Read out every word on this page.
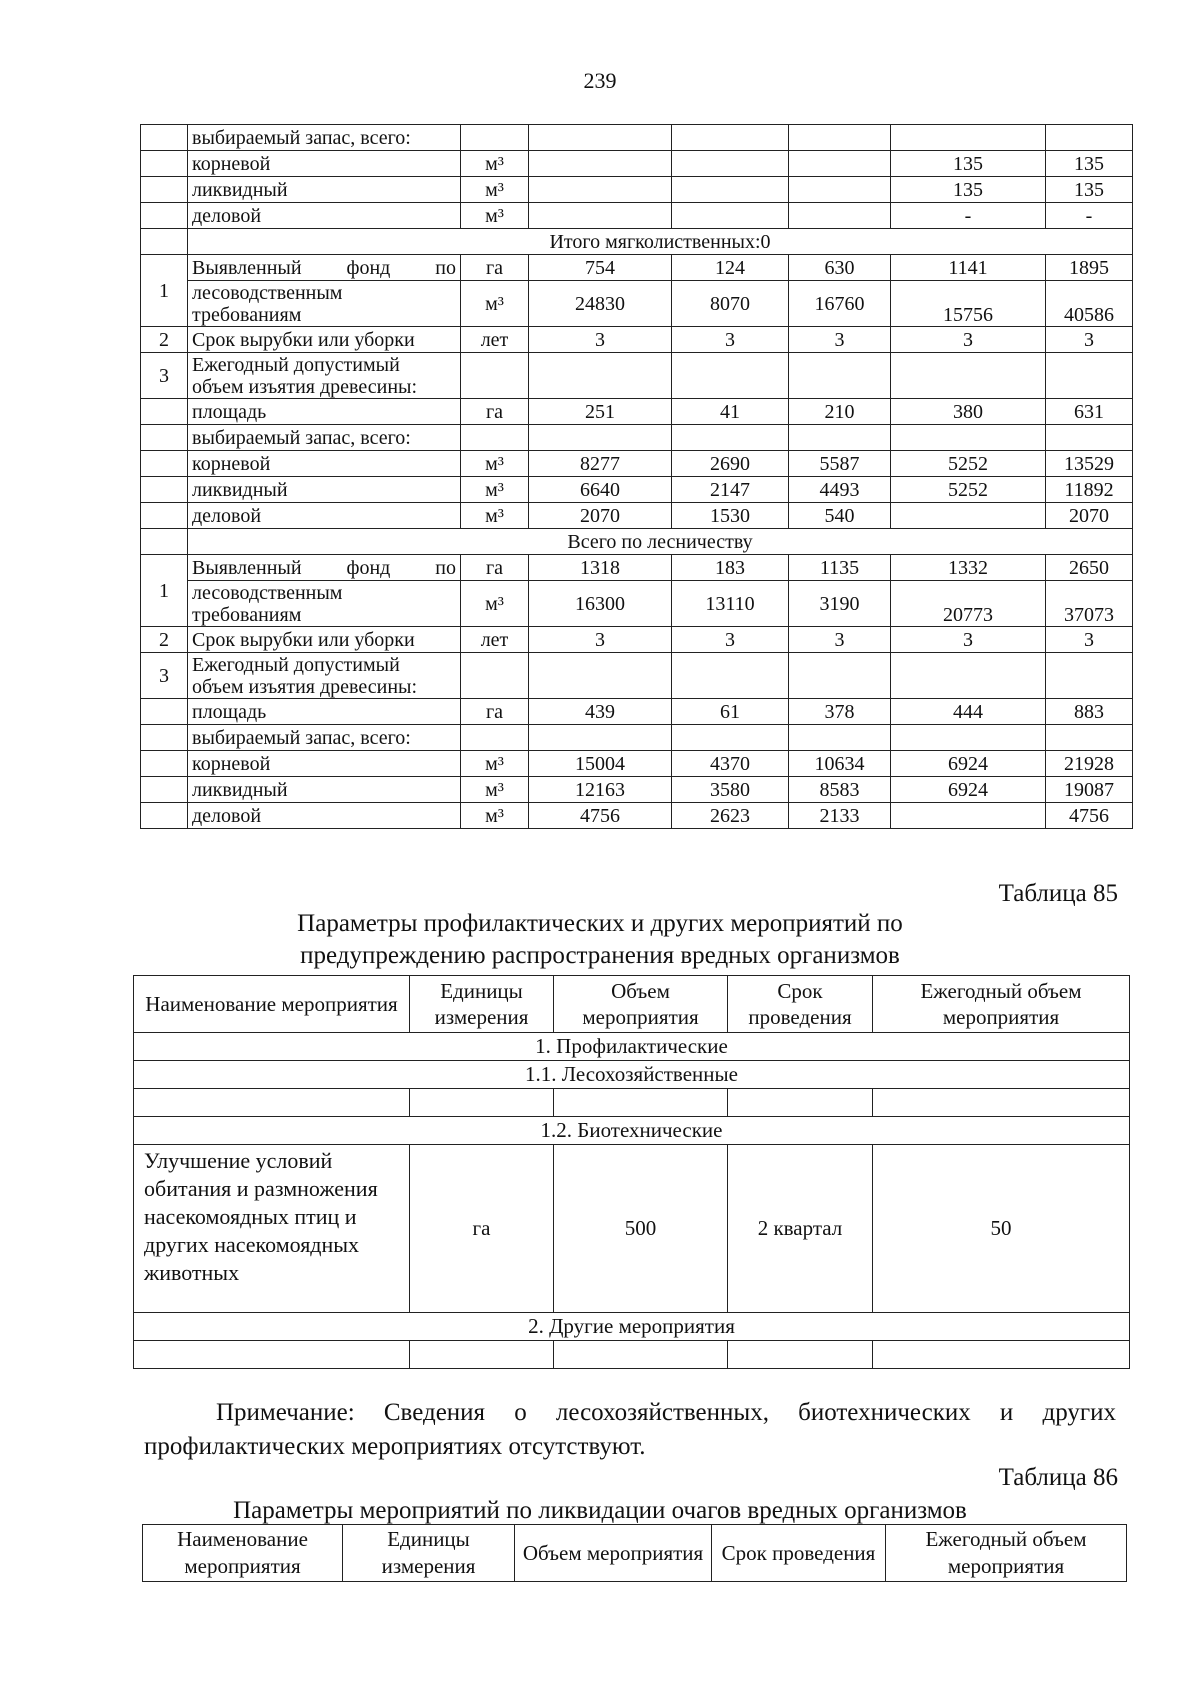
239
	выбираемый запас, всего:						
	корневой	м³				135	135
	ликвидный	м³				135	135
	деловой	м³				-	-
	Итого мягколиственных:0						
1	Выявленный фонд по	га	754	124	630	1141	1895
	лесоводственным требованиям	м³	24830	8070	16760	15756	40586
2	Срок вырубки или уборки	лет	3	3	3	3	3
3	Ежегодный допустимый объем изъятия древесины:						
	площадь	га	251	41	210	380	631
	выбираемый запас, всего:						
	корневой	м³	8277	2690	5587	5252	13529
	ликвидный	м³	6640	2147	4493	5252	11892
	деловой	м³	2070	1530	540		2070
	Всего по лесничеству						
1	Выявленный фонд по	га	1318	183	1135	1332	2650
	лесоводственным требованиям	м³	16300	13110	3190	20773	37073
2	Срок вырубки или уборки	лет	3	3	3	3	3
3	Ежегодный допустимый объем изъятия древесины:						
	площадь	га	439	61	378	444	883
	выбираемый запас, всего:						
	корневой	м³	15004	4370	10634	6924	21928
	ликвидный	м³	12163	3580	8583	6924	19087
	деловой	м³	4756	2623	2133		4756
Таблица 85
Параметры профилактических и других мероприятий по
предупреждению распространения вредных организмов
Наименование мероприятия	Единицы измерения	Объем мероприятия	Срок проведения	Ежегодный объем мероприятия
1. Профилактические				
1.1. Лесохозяйственные				

1.2. Биотехнические				
Улучшение условий обитания и размножения насекомоядных птиц и других насекомоядных животных	га	500	2 квартал	50
2. Другие мероприятия				

Примечание: Сведения о лесохозяйственных, биотехнических и других профилактических мероприятиях отсутствуют.
Таблица 86
Параметры мероприятий по ликвидации очагов вредных организмов
Наименование мероприятия	Единицы измерения	Объем мероприятия	Срок проведения	Ежегодный объем мероприятия
